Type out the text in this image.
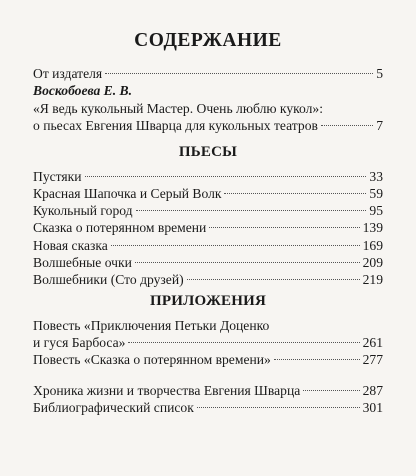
СОДЕРЖАНИЕ
От издателя	5
Воскобоева Е. В.
«Я ведь кукольный Мастер. Очень люблю кукол»:
о пьесах Евгения Шварца для кукольных театров	7
ПЬЕСЫ
Пустяки	33
Красная Шапочка и Серый Волк	59
Кукольный город	95
Сказка о потерянном времени	139
Новая сказка	169
Волшебные очки	209
Волшебники (Сто друзей)	219
ПРИЛОЖЕНИЯ
Повесть «Приключения Петьки Доценко
и гуся Барбоса»	261
Повесть «Сказка о потерянном времени»	277
Хроника жизни и творчества Евгения Шварца	287
Библиографический список	301
